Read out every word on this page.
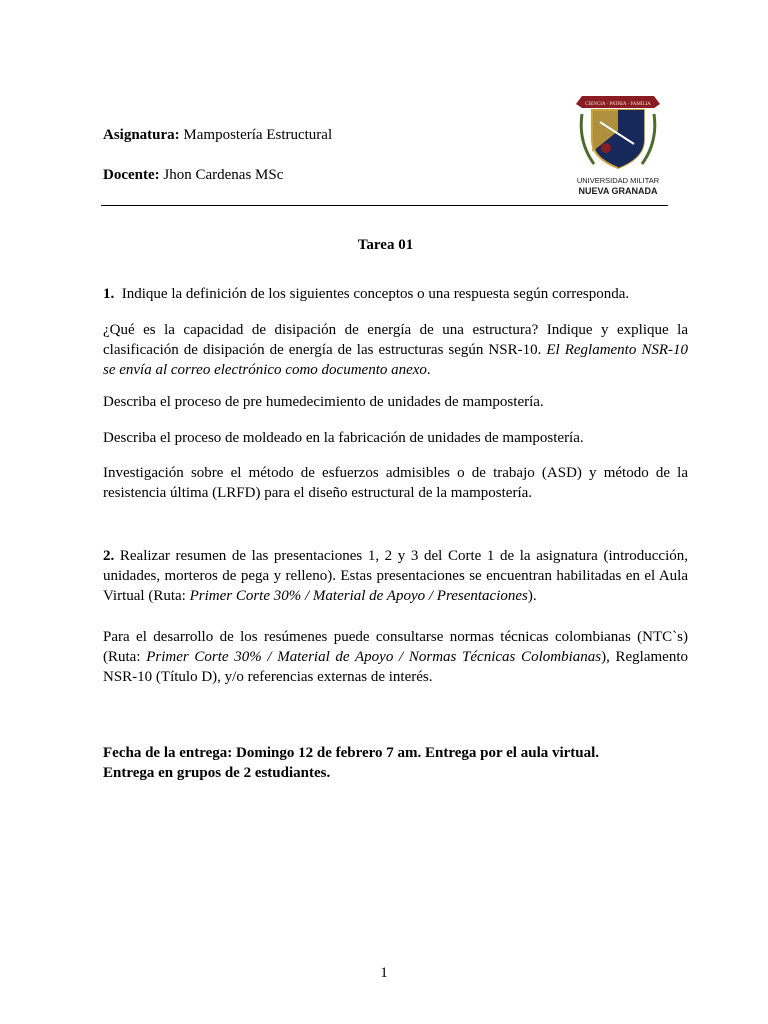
Asignatura: Mampostería Estructural
Docente: Jhon Cardenas MSc
CIENCIA · PATRIA · FAMILIA
UNIVERSIDAD MILITAR
NUEVA GRANADA
Tarea 01
1. Indique la definición de los siguientes conceptos o una respuesta según corresponda.
¿Qué es la capacidad de disipación de energía de una estructura? Indique y explique la clasificación de disipación de energía de las estructuras según NSR-10. El Reglamento NSR-10 se envía al correo electrónico como documento anexo.
Describa el proceso de pre humedecimiento de unidades de mampostería.
Describa el proceso de moldeado en la fabricación de unidades de mampostería.
Investigación sobre el método de esfuerzos admisibles o de trabajo (ASD) y método de la resistencia última (LRFD) para el diseño estructural de la mampostería.
2. Realizar resumen de las presentaciones 1, 2 y 3 del Corte 1 de la asignatura (introducción, unidades, morteros de pega y relleno). Estas presentaciones se encuentran habilitadas en el Aula Virtual (Ruta: Primer Corte 30% / Material de Apoyo / Presentaciones).
Para el desarrollo de los resúmenes puede consultarse normas técnicas colombianas (NTC`s) (Ruta: Primer Corte 30% / Material de Apoyo / Normas Técnicas Colombianas), Reglamento NSR-10 (Título D), y/o referencias externas de interés.
Fecha de la entrega: Domingo 12 de febrero 7 am. Entrega por el aula virtual.
Entrega en grupos de 2 estudiantes.
1
